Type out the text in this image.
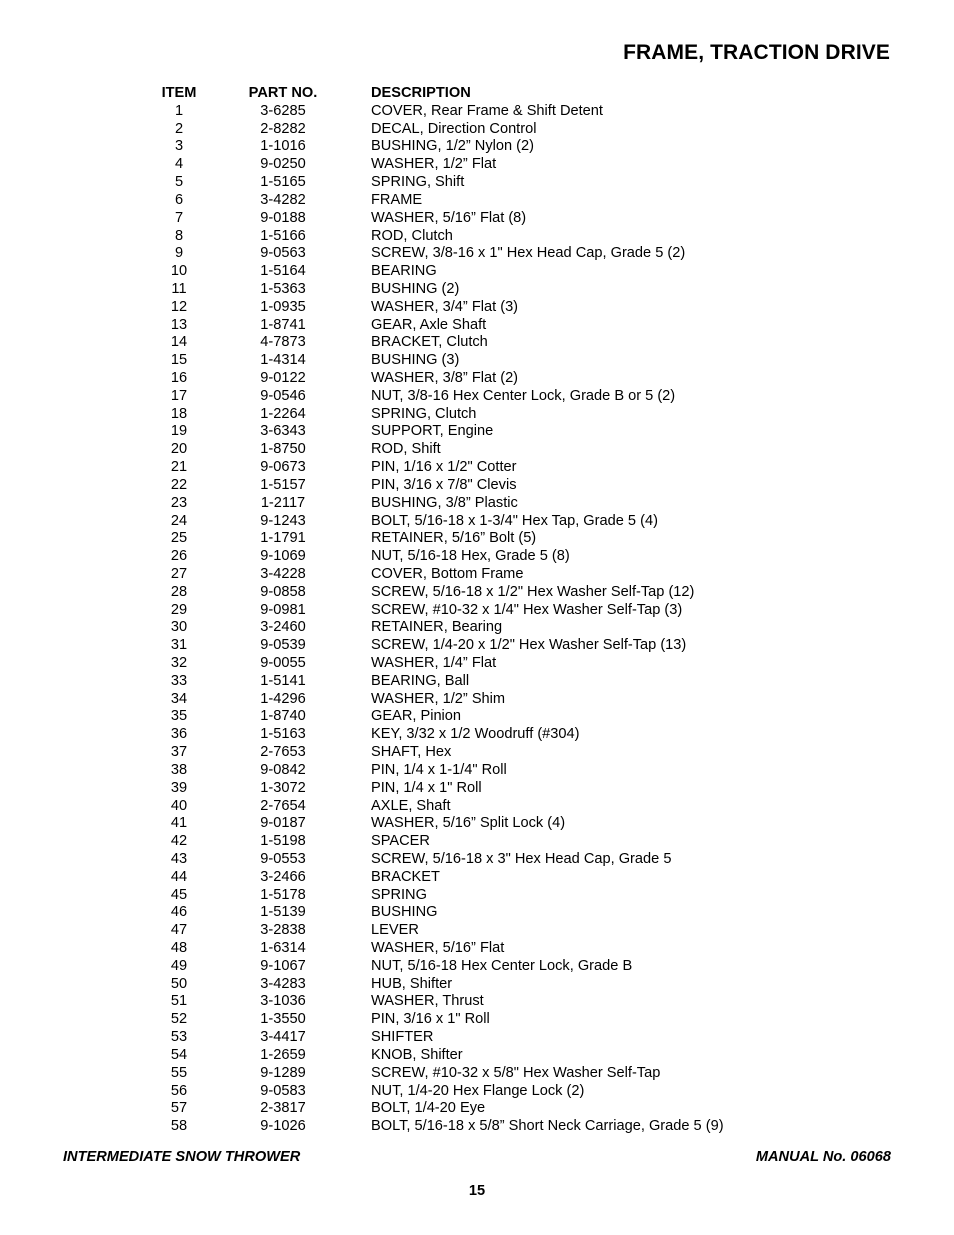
FRAME, TRACTION DRIVE
ITEM	PART NO.	DESCRIPTION
1	3-6285	COVER, Rear Frame & Shift Detent
2	2-8282	DECAL, Direction Control
3	1-1016	BUSHING, 1/2” Nylon (2)
4	9-0250	WASHER, 1/2” Flat
5	1-5165	SPRING, Shift
6	3-4282	FRAME
7	9-0188	WASHER, 5/16” Flat (8)
8	1-5166	ROD, Clutch
9	9-0563	SCREW, 3/8-16 x 1" Hex Head Cap, Grade 5 (2)
10	1-5164	BEARING
11	1-5363	BUSHING (2)
12	1-0935	WASHER, 3/4” Flat (3)
13	1-8741	GEAR, Axle Shaft
14	4-7873	BRACKET, Clutch
15	1-4314	BUSHING (3)
16	9-0122	WASHER, 3/8” Flat (2)
17	9-0546	NUT, 3/8-16 Hex Center Lock, Grade B or 5 (2)
18	1-2264	SPRING, Clutch
19	3-6343	SUPPORT, Engine
20	1-8750	ROD, Shift
21	9-0673	PIN, 1/16 x 1/2" Cotter
22	1-5157	PIN, 3/16 x 7/8" Clevis
23	1-2117	BUSHING, 3/8” Plastic
24	9-1243	BOLT, 5/16-18 x 1-3/4" Hex Tap, Grade 5 (4)
25	1-1791	RETAINER, 5/16” Bolt (5)
26	9-1069	NUT, 5/16-18 Hex, Grade 5 (8)
27	3-4228	COVER, Bottom Frame
28	9-0858	SCREW, 5/16-18 x 1/2" Hex Washer Self-Tap (12)
29	9-0981	SCREW, #10-32 x 1/4" Hex Washer Self-Tap (3)
30	3-2460	RETAINER, Bearing
31	9-0539	SCREW, 1/4-20 x 1/2" Hex Washer Self-Tap (13)
32	9-0055	WASHER, 1/4” Flat
33	1-5141	BEARING, Ball
34	1-4296	WASHER, 1/2” Shim
35	1-8740	GEAR, Pinion
36	1-5163	KEY, 3/32 x 1/2 Woodruff (#304)
37	2-7653	SHAFT, Hex
38	9-0842	PIN, 1/4 x 1-1/4" Roll
39	1-3072	PIN, 1/4 x 1" Roll
40	2-7654	AXLE, Shaft
41	9-0187	WASHER, 5/16” Split Lock (4)
42	1-5198	SPACER
43	9-0553	SCREW, 5/16-18 x 3" Hex Head Cap, Grade 5
44	3-2466	BRACKET
45	1-5178	SPRING
46	1-5139	BUSHING
47	3-2838	LEVER
48	1-6314	WASHER, 5/16” Flat
49	9-1067	NUT, 5/16-18 Hex Center Lock, Grade B
50	3-4283	HUB, Shifter
51	3-1036	WASHER, Thrust
52	1-3550	PIN, 3/16 x 1" Roll
53	3-4417	SHIFTER
54	1-2659	KNOB, Shifter
55	9-1289	SCREW, #10-32 x 5/8" Hex Washer Self-Tap
56	9-0583	NUT, 1/4-20 Hex Flange Lock (2)
57	2-3817	BOLT, 1/4-20 Eye
58	9-1026	BOLT, 5/16-18 x 5/8” Short Neck Carriage, Grade 5 (9)
INTERMEDIATE SNOW THROWER	MANUAL No. 06068
15
